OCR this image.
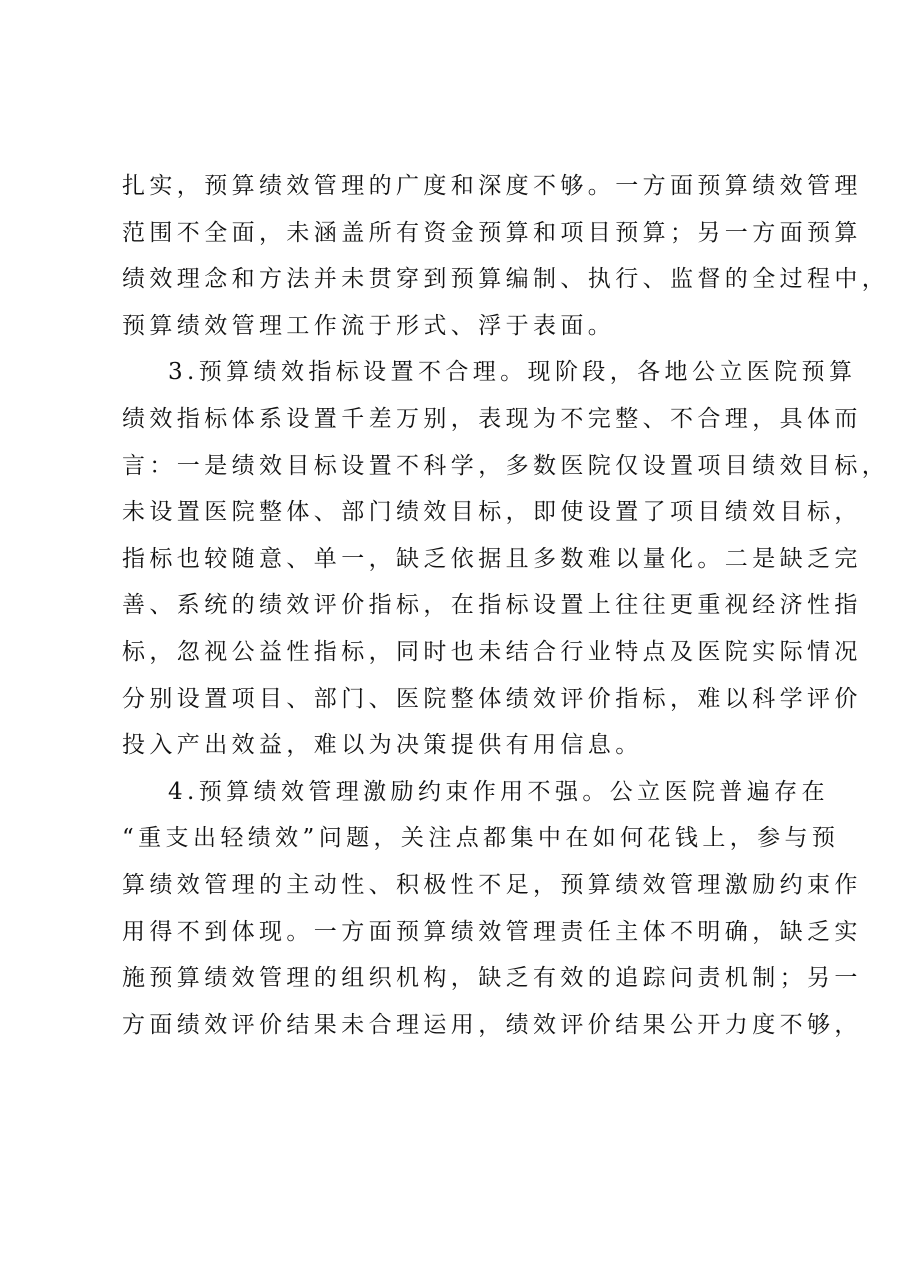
扎实，预算绩效管理的广度和深度不够。一方面预算绩效管理
范围不全面，未涵盖所有资金预算和项目预算；另一方面预算
绩效理念和方法并未贯穿到预算编制、执行、监督的全过程中，
预算绩效管理工作流于形式、浮于表面。
3.预算绩效指标设置不合理。现阶段，各地公立医院预算
绩效指标体系设置千差万别，表现为不完整、不合理，具体而
言：一是绩效目标设置不科学，多数医院仅设置项目绩效目标，
未设置医院整体、部门绩效目标，即使设置了项目绩效目标，
指标也较随意、单一，缺乏依据且多数难以量化。二是缺乏完
善、系统的绩效评价指标，在指标设置上往往更重视经济性指
标，忽视公益性指标，同时也未结合行业特点及医院实际情况
分别设置项目、部门、医院整体绩效评价指标，难以科学评价
投入产出效益，难以为决策提供有用信息。
4.预算绩效管理激励约束作用不强。公立医院普遍存在
“重支出轻绩效”问题，关注点都集中在如何花钱上，参与预
算绩效管理的主动性、积极性不足，预算绩效管理激励约束作
用得不到体现。一方面预算绩效管理责任主体不明确，缺乏实
施预算绩效管理的组织机构，缺乏有效的追踪问责机制；另一
方面绩效评价结果未合理运用，绩效评价结果公开力度不够，
